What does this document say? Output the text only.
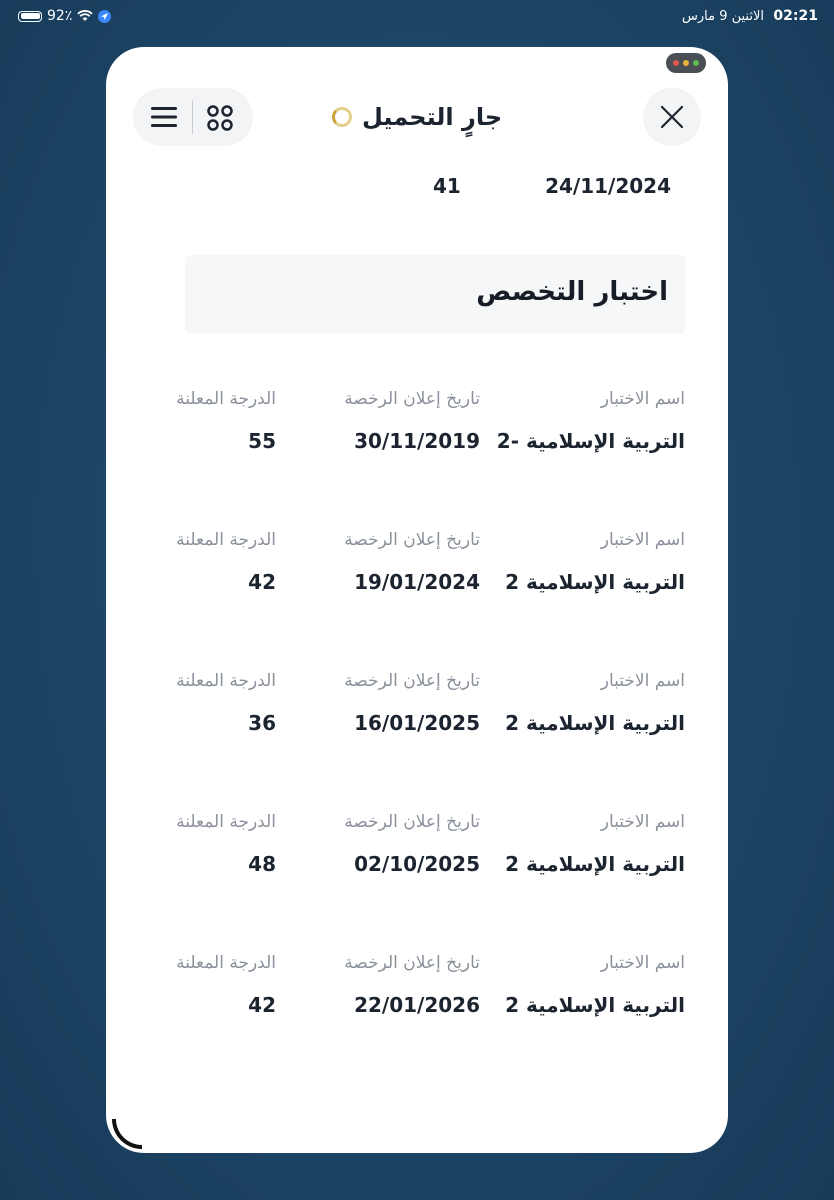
92٪	الاثنين 9 مارس 02:21
جارٍ التحميل
24/11/2024
41
اختبار التخصص
اسم الاختبار
تاريخ إعلان الرخصة
الدرجة المعلنة
التربية الإسلامية -2
30/11/2019
55
اسم الاختبار
تاريخ إعلان الرخصة
الدرجة المعلنة
التربية الإسلامية 2
19/01/2024
42
اسم الاختبار
تاريخ إعلان الرخصة
الدرجة المعلنة
التربية الإسلامية 2
16/01/2025
36
اسم الاختبار
تاريخ إعلان الرخصة
الدرجة المعلنة
التربية الإسلامية 2
02/10/2025
48
اسم الاختبار
تاريخ إعلان الرخصة
الدرجة المعلنة
التربية الإسلامية 2
22/01/2026
42
